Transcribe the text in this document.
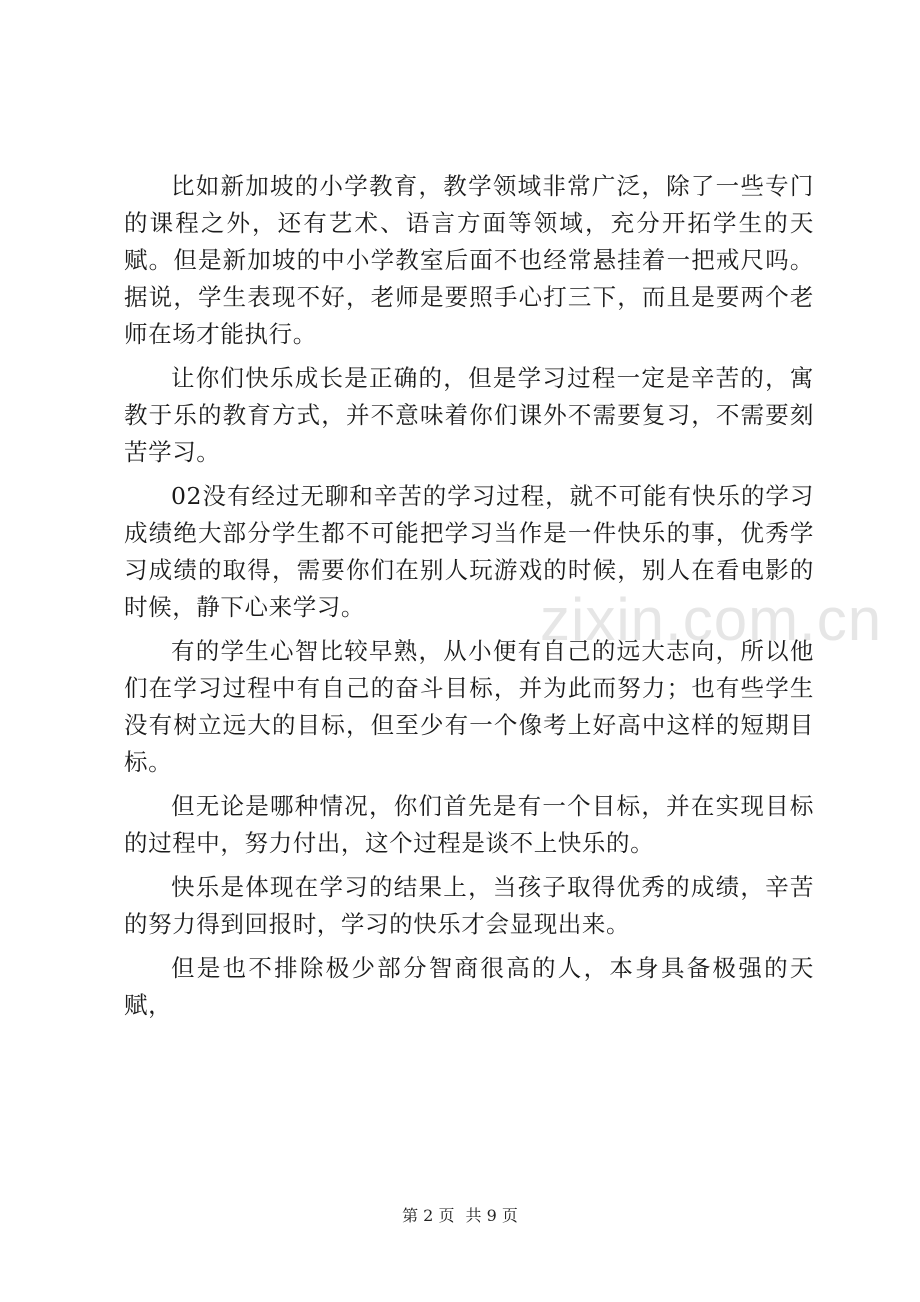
zixin.com.cn

比如新加坡的小学教育，教学领域非常广泛，除了一些专门的课程之外，还有艺术、语言方面等领域，充分开拓学生的天赋。但是新加坡的中小学教室后面不也经常悬挂着一把戒尺吗。据说，学生表现不好，老师是要照手心打三下，而且是要两个老师在场才能执行。

让你们快乐成长是正确的，但是学习过程一定是辛苦的，寓教于乐的教育方式，并不意味着你们课外不需要复习，不需要刻苦学习。

02没有经过无聊和辛苦的学习过程，就不可能有快乐的学习成绩绝大部分学生都不可能把学习当作是一件快乐的事，优秀学习成绩的取得，需要你们在别人玩游戏的时候，别人在看电影的时候，静下心来学习。

有的学生心智比较早熟，从小便有自己的远大志向，所以他们在学习过程中有自己的奋斗目标，并为此而努力；也有些学生没有树立远大的目标，但至少有一个像考上好高中这样的短期目标。

但无论是哪种情况，你们首先是有一个目标，并在实现目标的过程中，努力付出，这个过程是谈不上快乐的。

快乐是体现在学习的结果上，当孩子取得优秀的成绩，辛苦的努力得到回报时，学习的快乐才会显现出来。

但是也不排除极少部分智商很高的人，本身具备极强的天赋，

第 2 页 共 9 页
